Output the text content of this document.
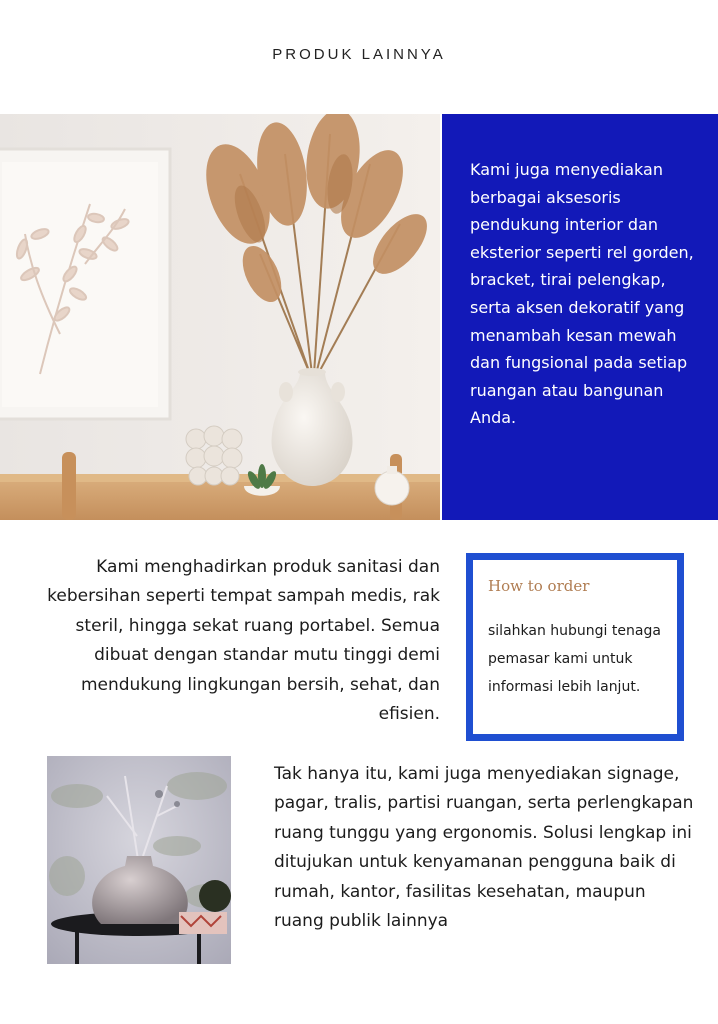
PRODUK LAINNYA
Kami juga menyediakan berbagai aksesoris pendukung interior dan eksterior seperti rel gorden, bracket, tirai pelengkap, serta aksen dekoratif yang menambah kesan mewah dan fungsional pada setiap ruangan atau bangunan Anda.
Kami menghadirkan produk sanitasi dan kebersihan seperti tempat sampah medis, rak steril, hingga sekat ruang portabel. Semua dibuat dengan standar mutu tinggi demi mendukung lingkungan bersih, sehat, dan efisien.
How to order
silahkan hubungi tenaga pemasar kami untuk informasi lebih lanjut.
Tak hanya itu, kami juga menyediakan signage, pagar, tralis, partisi ruangan, serta perlengkapan ruang tunggu yang ergonomis. Solusi lengkap ini ditujukan untuk kenyamanan pengguna baik di rumah, kantor, fasilitas kesehatan, maupun ruang publik lainnya
